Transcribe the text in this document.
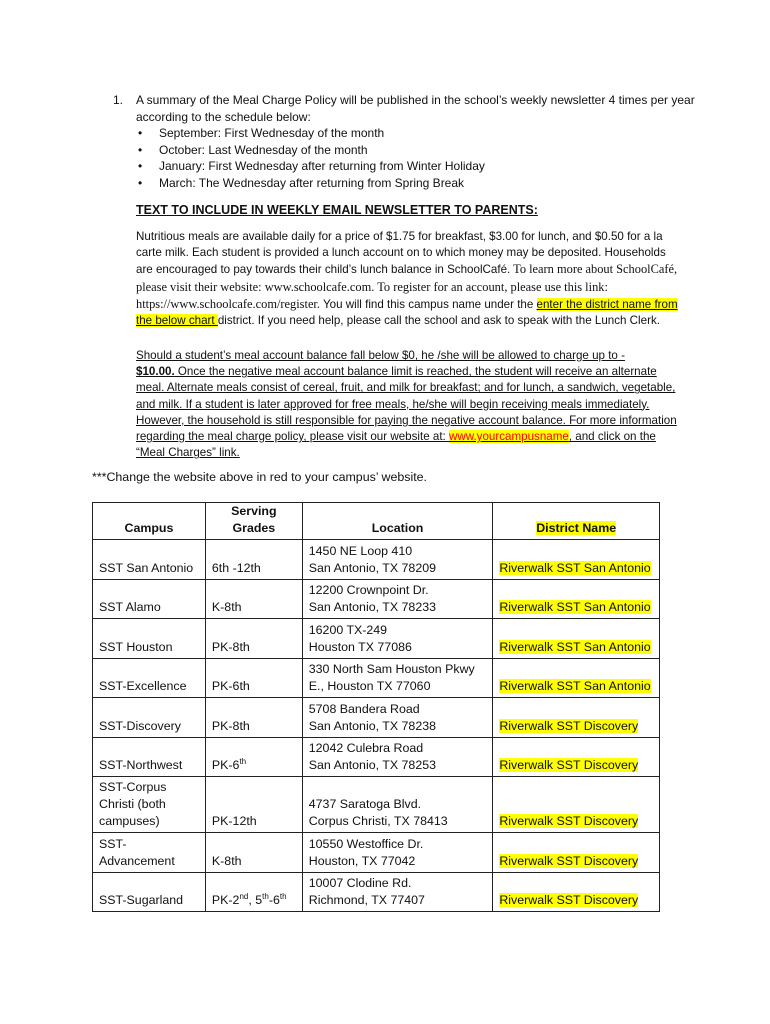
1. A summary of the Meal Charge Policy will be published in the school’s weekly newsletter 4 times per year
according to the schedule below:
• September: First Wednesday of the month
• October: Last Wednesday of the month
• January: First Wednesday after returning from Winter Holiday
• March: The Wednesday after returning from Spring Break
TEXT TO INCLUDE IN WEEKLY EMAIL NEWSLETTER TO PARENTS:
Nutritious meals are available daily for a price of $1.75 for breakfast, $3.00 for lunch, and $0.50 for a la carte milk. Each student is provided a lunch account on to which money may be deposited. Households are encouraged to pay towards their child’s lunch balance in SchoolCafé. To learn more about SchoolCafé, please visit their website: www.schoolcafe.com. To register for an account, please use this link: https://www.schoolcafe.com/register. You will find this campus name under the enter the district name from the below chart district. If you need help, please call the school and ask to speak with the Lunch Clerk.
Should a student’s meal account balance fall below $0, he /she will be allowed to charge up to -
$10.00. Once the negative meal account balance limit is reached, the student will receive an alternate meal. Alternate meals consist of cereal, fruit, and milk for breakfast; and for lunch, a sandwich, vegetable, and milk. If a student is later approved for free meals, he/she will begin receiving meals immediately. However, the household is still responsible for paying the negative account balance. For more information regarding the meal charge policy, please visit our website at: www.yourcampusname, and click on the “Meal Charges” link.
***Change the website above in red to your campus’ website.
Campus	Serving
Grades	Location	District Name
SST San Antonio	6th -12th	1450 NE Loop 410
San Antonio, TX 78209	Riverwalk SST San Antonio
SST Alamo	K-8th	12200 Crownpoint Dr.
San Antonio, TX 78233	Riverwalk SST San Antonio
SST Houston	PK-8th	16200 TX-249
Houston TX 77086	Riverwalk SST San Antonio
SST-Excellence	PK-6th	330 North Sam Houston Pkwy
E., Houston TX 77060	Riverwalk SST San Antonio
SST-Discovery	PK-8th	5708 Bandera Road
San Antonio, TX 78238	Riverwalk SST Discovery
SST-Northwest	PK-6th	12042 Culebra Road
San Antonio, TX 78253	Riverwalk SST Discovery
SST-Corpus
Christi (both
campuses)	PK-12th	4737 Saratoga Blvd.
Corpus Christi, TX 78413	Riverwalk SST Discovery
SST-
Advancement	K-8th	10550 Westoffice Dr.
Houston, TX 77042	Riverwalk SST Discovery
SST-Sugarland	PK-2nd, 5th-6th	10007 Clodine Rd.
Richmond, TX 77407	Riverwalk SST Discovery
